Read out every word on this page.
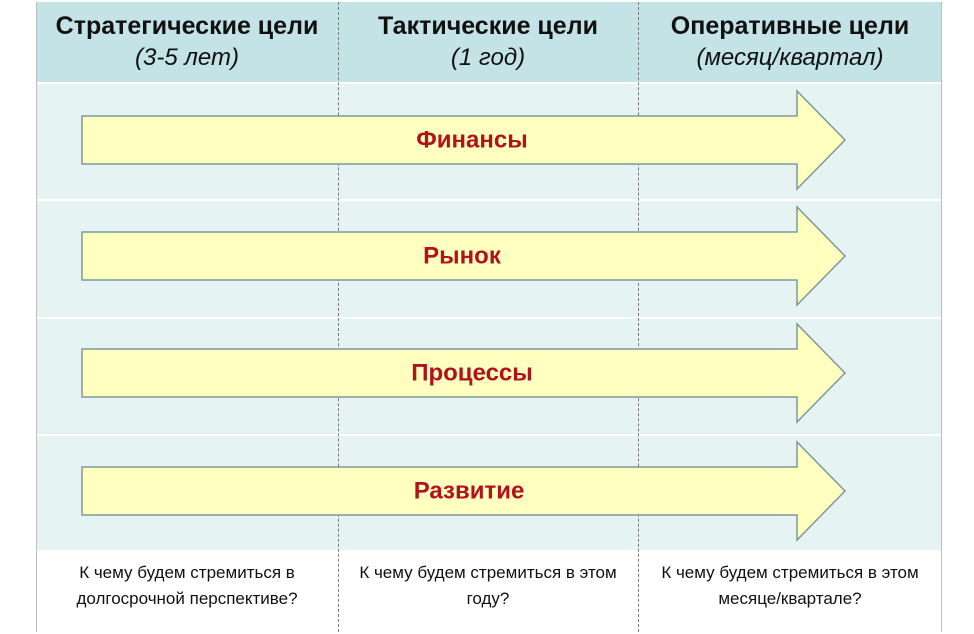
Стратегические цели
(3-5 лет)
Тактические цели
(1 год)
Оперативные цели
(месяц/квартал)
К чему будем стремиться в долгосрочной перспективе?
К чему будем стремиться в этом году?
К чему будем стремиться в этом месяце/квартале?
Финансы
Рынок
Процессы
Развитие
